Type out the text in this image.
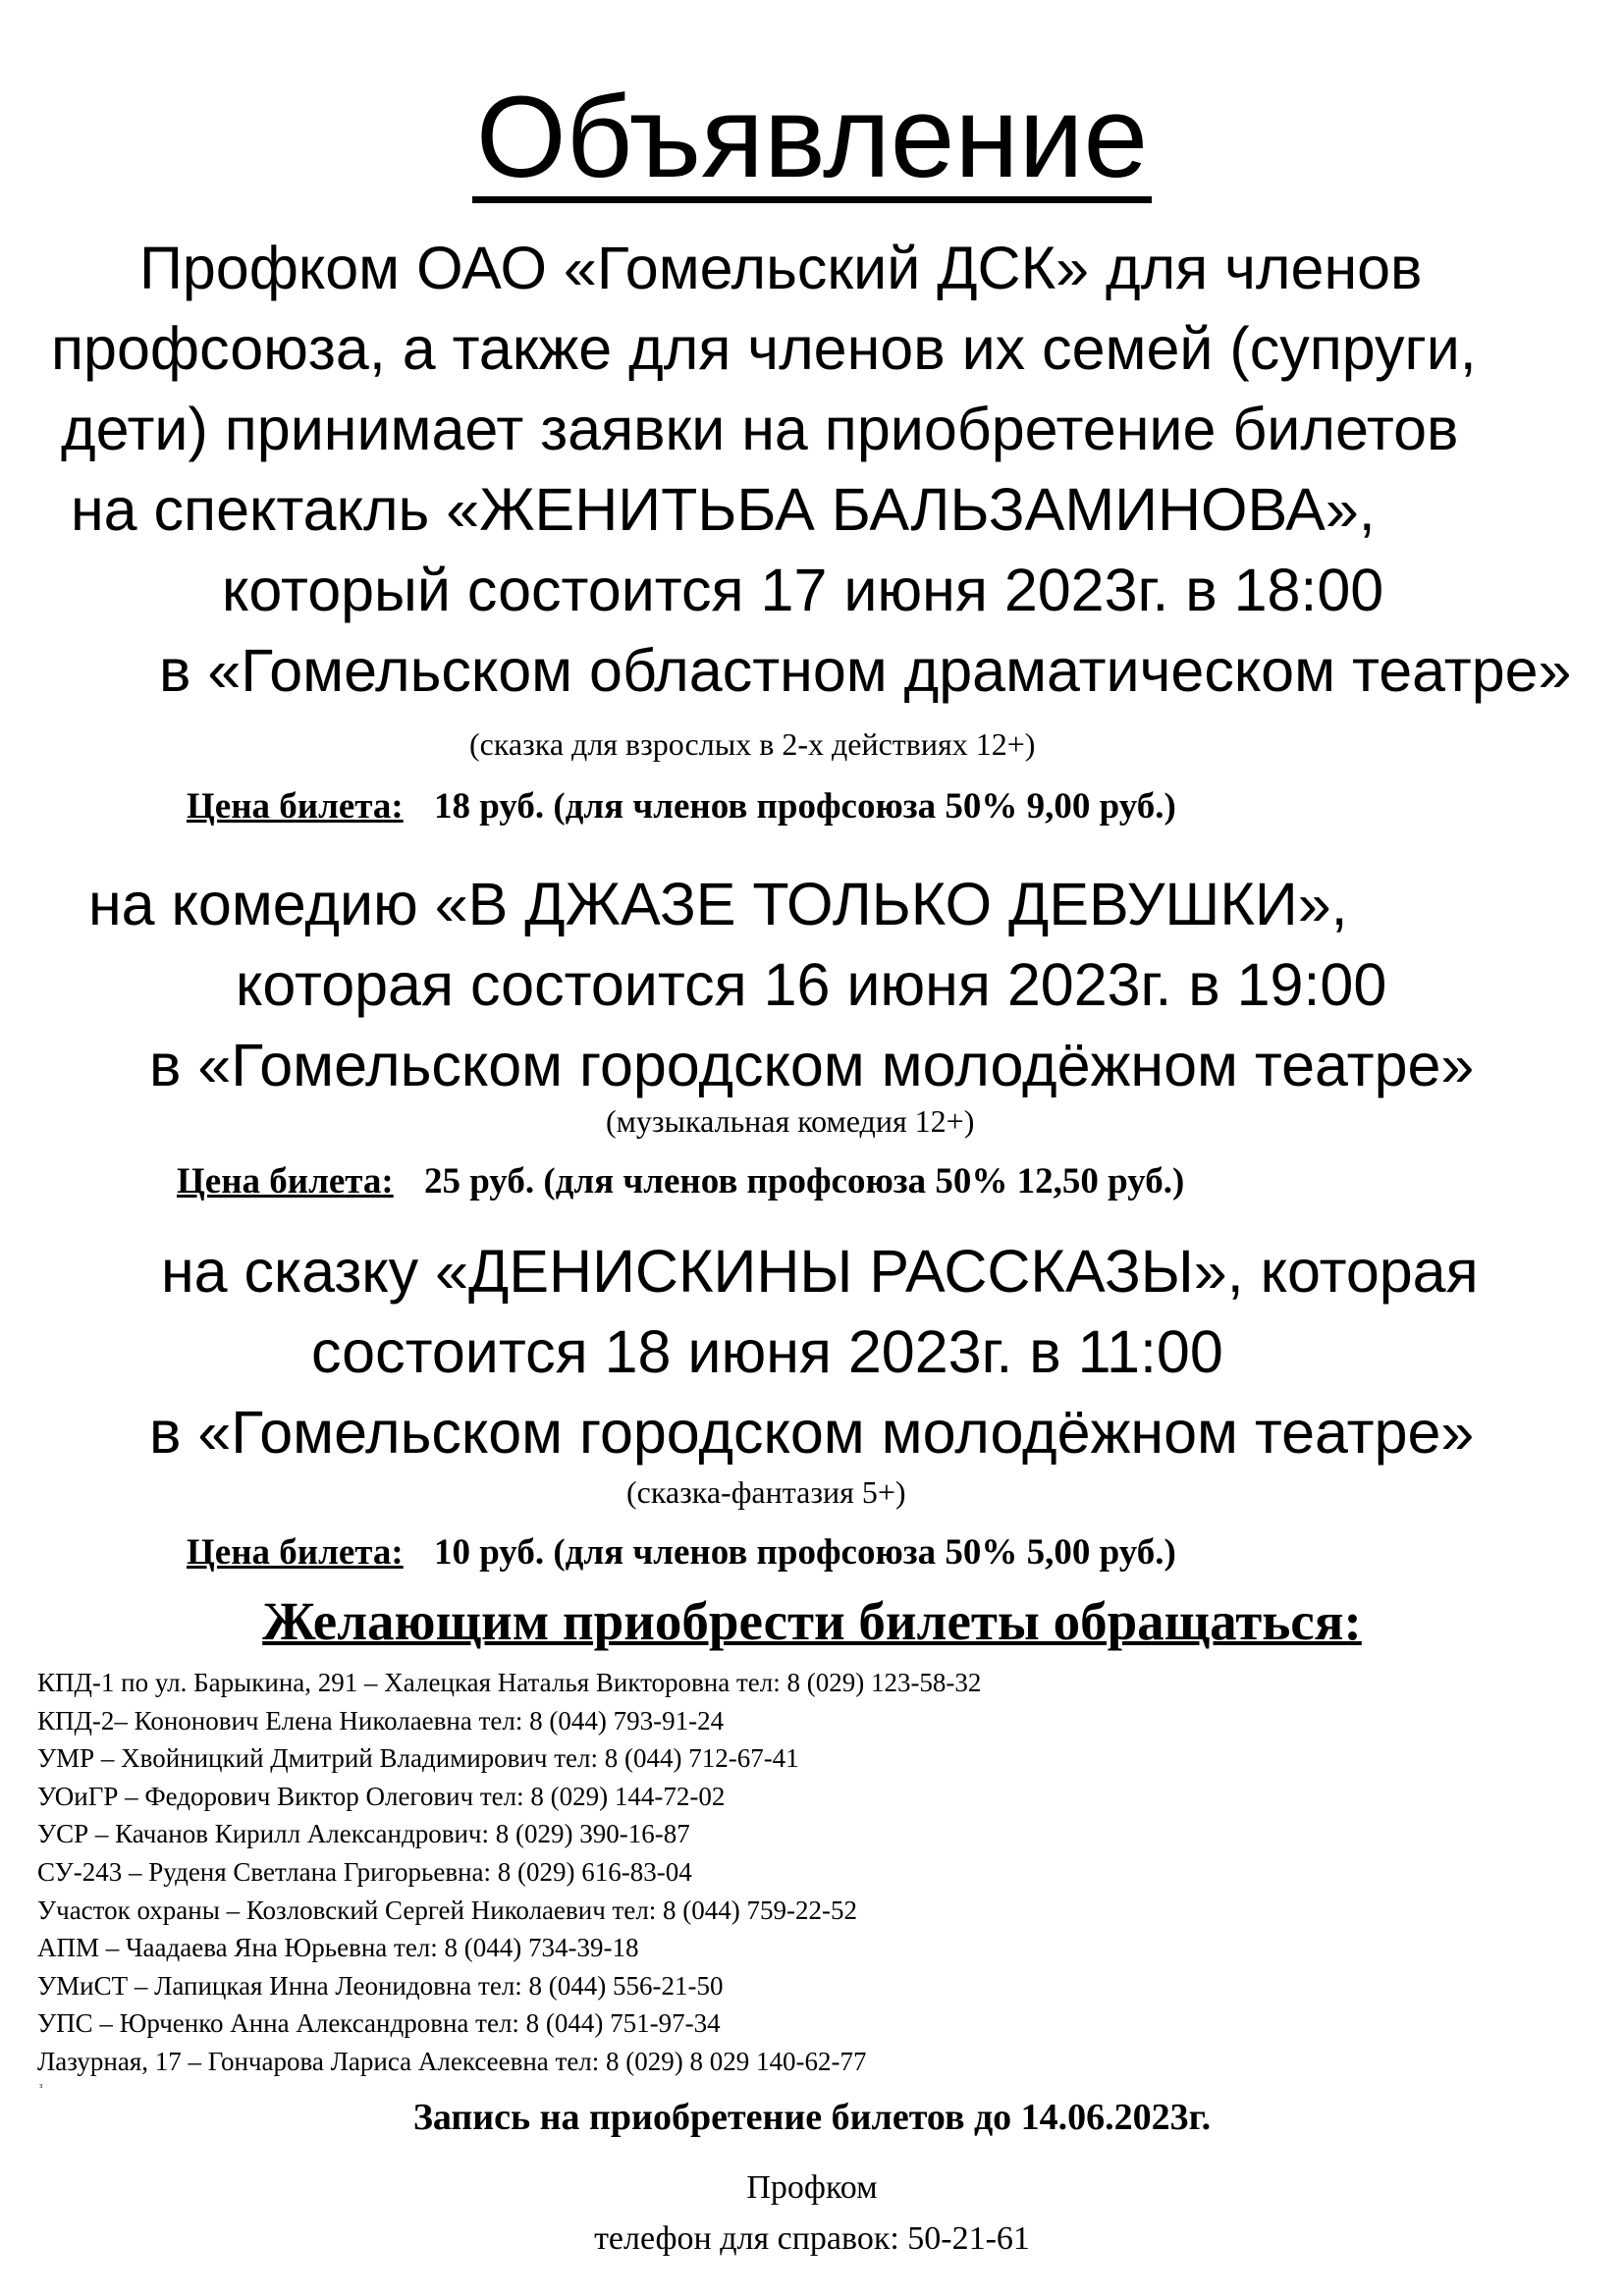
Объявление
Профком ОАО «Гомельский ДСК» для членов
профсоюза, а также для членов их семей (супруги,
дети) принимает заявки на приобретение билетов
на спектакль «ЖЕНИТЬБА БАЛЬЗАМИНОВА»,
который состоится 17 июня 2023г. в 18:00
в «Гомельском областном драматическом театре»
(сказка для взрослых в 2-х действиях 12+)
Цена билета: 18 руб. (для членов профсоюза 50% 9,00 руб.)
на комедию «В ДЖАЗЕ ТОЛЬКО ДЕВУШКИ»,
которая состоится 16 июня 2023г. в 19:00
в «Гомельском городском молодёжном театре»
(музыкальная комедия 12+)
Цена билета: 25 руб. (для членов профсоюза 50% 12,50 руб.)
на сказку «ДЕНИСКИНЫ РАССКАЗЫ», которая
состоится 18 июня 2023г. в 11:00
в «Гомельском городском молодёжном театре»
(сказка-фантазия 5+)
Цена билета: 10 руб. (для членов профсоюза 50% 5,00 руб.)
Желающим приобрести билеты обращаться:
КПД-1 по ул. Барыкина, 291 – Халецкая Наталья Викторовна тел: 8 (029) 123-58-32
КПД-2– Кононович Елена Николаевна тел: 8 (044) 793-91-24
УМР – Хвойницкий Дмитрий Владимирович тел: 8 (044) 712-67-41
УОиГР – Федорович Виктор Олегович тел: 8 (029) 144-72-02
УСР – Качанов Кирилл Александрович: 8 (029) 390-16-87
СУ-243 – Руденя Светлана Григорьевна: 8 (029) 616-83-04
Участок охраны – Козловский Сергей Николаевич тел: 8 (044) 759-22-52
АПМ – Чаадаева Яна Юрьевна тел: 8 (044) 734-39-18
УМиСТ – Лапицкая Инна Леонидовна тел: 8 (044) 556-21-50
УПС – Юрченко Анна Александровна тел: 8 (044) 751-97-34
Лазурная, 17 – Гончарова Лариса Алексеевна тел: 8 (029) 8 029 140-62-77
з
Запись на приобретение билетов до 14.06.2023г.
Профком
телефон для справок: 50-21-61
